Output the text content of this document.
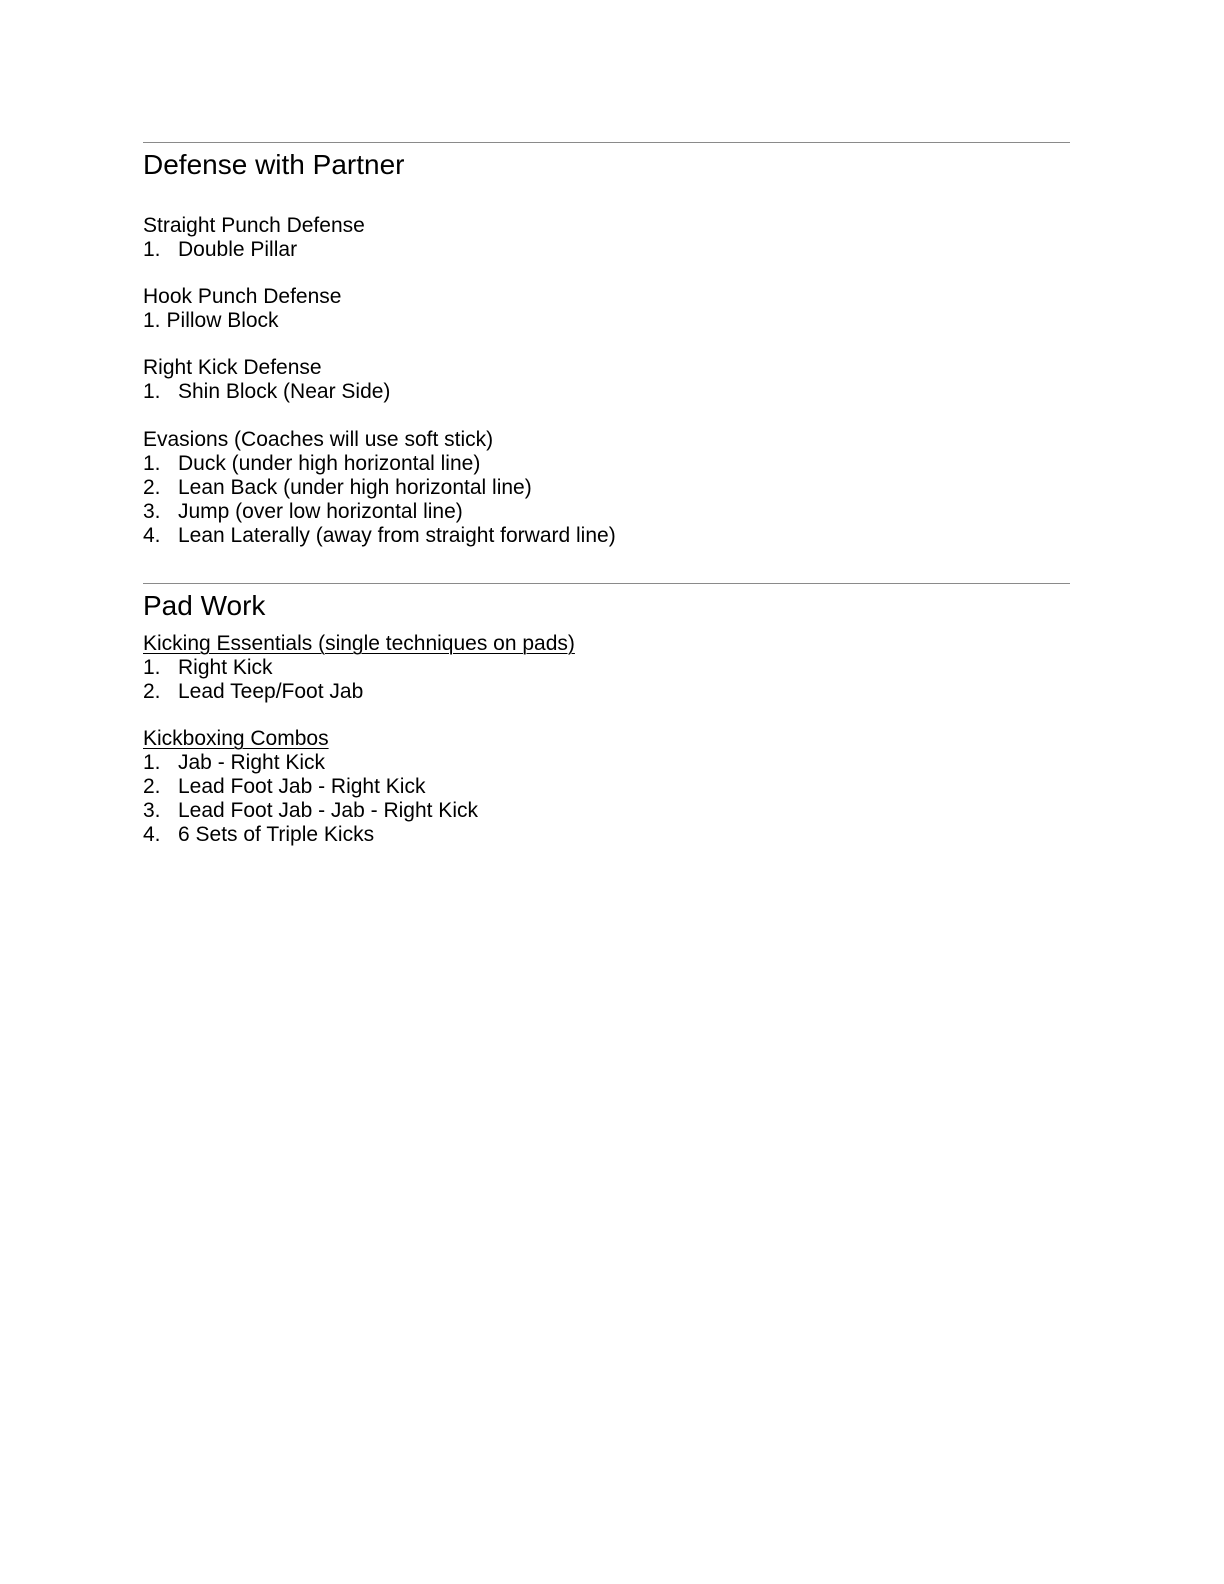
Defense with Partner
Straight Punch Defense
1. Double Pillar
Hook Punch Defense
1. Pillow Block
Right Kick Defense
1. Shin Block (Near Side)
Evasions (Coaches will use soft stick)
1. Duck (under high horizontal line)
2. Lean Back (under high horizontal line)
3. Jump (over low horizontal line)
4. Lean Laterally (away from straight forward line)
Pad Work
Kicking Essentials (single techniques on pads)
1. Right Kick
2. Lead Teep/Foot Jab
Kickboxing Combos
1. Jab - Right Kick
2. Lead Foot Jab - Right Kick
3. Lead Foot Jab - Jab - Right Kick
4. 6 Sets of Triple Kicks
